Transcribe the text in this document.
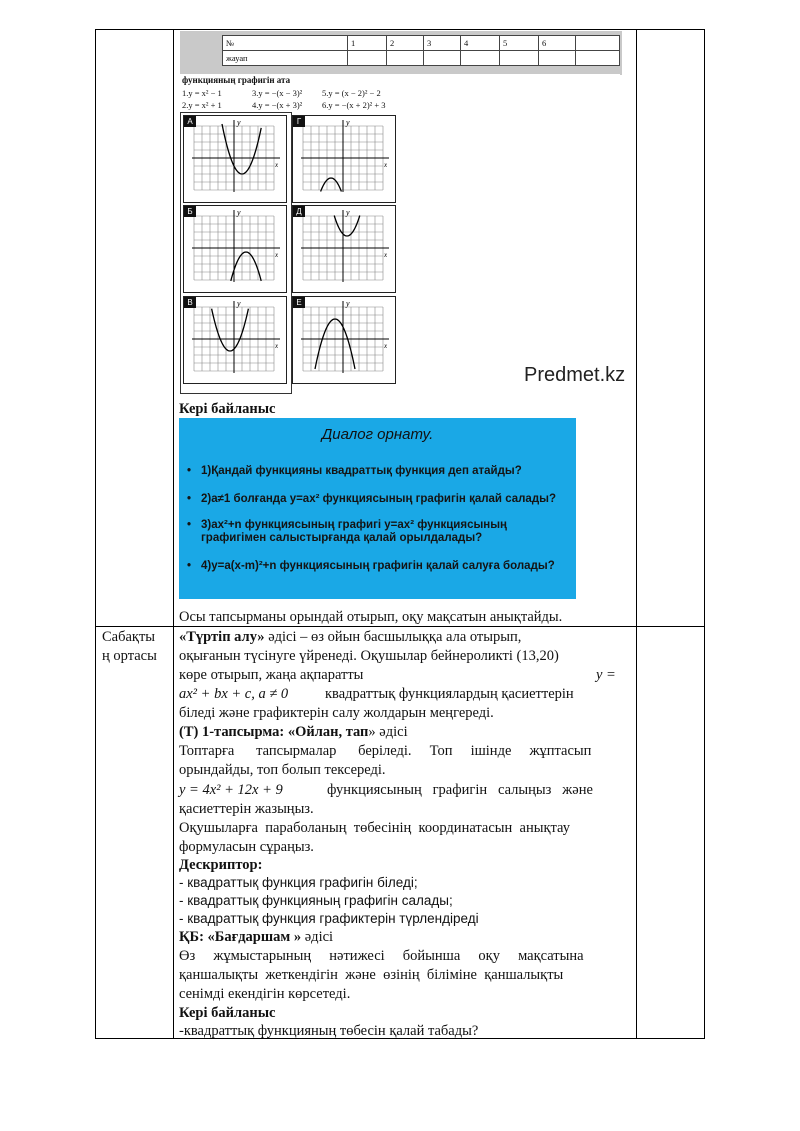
№	1	2	3	4	5	6	
жауап							
функцияның графигін ата
1.y = x² − 1	3.y = −(x − 3)² 5.y = (x − 2)² − 2
2.y = x² + 1	4.y = −(x + 3)² 6.y = −(x + 2)² + 3
y
x
А	y
x
Г
y
x
Б	y
x
Д
y
x
В	y
x
Е
Predmet.kz
Кері байланыс
Диалог орнату.
• 1)Қандай функцияны квадраттық функция деп атайды?
• 2)a≠1 болғанда у=ах² функциясының графигін қалай салады?
• 3)ах²+n функциясының графигі у=ах² функциясының графигімен салыстырғанда қалай орылдалады?
• 4)у=а(х-m)²+n функциясының графигін қалай салуға болады?
Осы тапсырманы орындай отырып, оқу мақсатын анықтайды.
Сабақты
ң ортасы
«Түртіп алу» әдісі – өз ойын басшылыққа ала отырып,
оқығанын түсінуге үйренеді. Оқушылар бейнероликті (13,20)
көре отырып, жаңа ақпаратты	y =
ax² + bx + c, a ≠ 0	квадраттық функциялардың қасиеттерін
біледі және графиктерін салу жолдарын меңгереді.
(Т) 1-тапсырма: «Ойлан, тап» әдісі
Топтарға      тапсырмалар      беріледі.     Топ     ішінде     жұптасып
орындайды, топ болып тексереді.
y = 4x² + 12x + 9	функциясының   графигін   салыңыз   және
қасиеттерін жазыңыз.
Оқушыларға  параболаның  төбесінің  координатасын  анықтау
формуласын сұраңыз.
Дескриптор:
- квадраттық функция графигін біледі;
- квадраттық функцияның графигін салады;
- квадраттық функция графиктерін түрлендіреді
ҚБ: «Бағдаршам » әдісі
Өз     жұмыстарының     нәтижесі     бойынша     оқу     мақсатына
қаншалықты  жеткендігін  және  өзінің  біліміне  қаншалықты
сенімді екендігін көрсетеді.
Кері байланыс
-квадраттық функцияның төбесін қалай табады?
